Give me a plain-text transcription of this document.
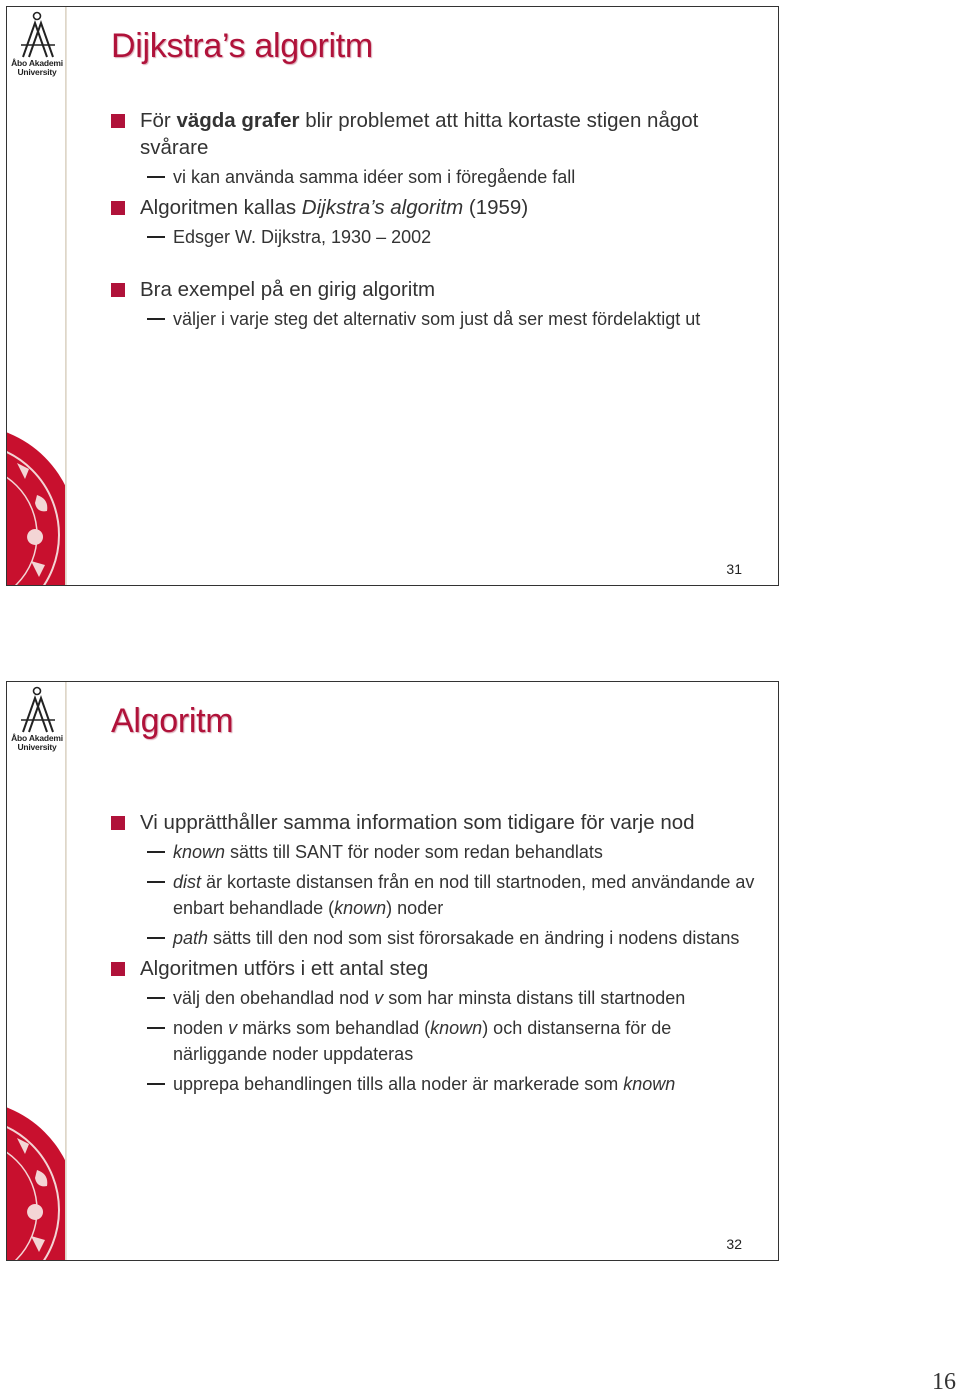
Åbo Akademi
University
Dijkstra’s algoritm
För vägda grafer blir problemet att hitta kortaste stigen något svårare
vi kan använda samma idéer som i föregående fall
Algoritmen kallas Dijkstra’s algoritm (1959)
Edsger W. Dijkstra, 1930 – 2002
Bra exempel på en girig algoritm
väljer i varje steg det alternativ som just då ser mest fördelaktigt ut
31
Åbo Akademi
University
Algoritm
Vi upprätthåller samma information som tidigare för varje nod
known sätts till SANT för noder som redan behandlats
dist är kortaste distansen från en nod till startnoden, med användande av enbart behandlade (known) noder
path sätts till den nod som sist förorsakade en ändring i nodens distans
Algoritmen utförs i ett antal steg
välj den obehandlad nod v som har minsta distans till startnoden
noden v märks som behandlad (known) och distanserna för de närliggande noder uppdateras
upprepa behandlingen tills alla noder är markerade som known
32
16
